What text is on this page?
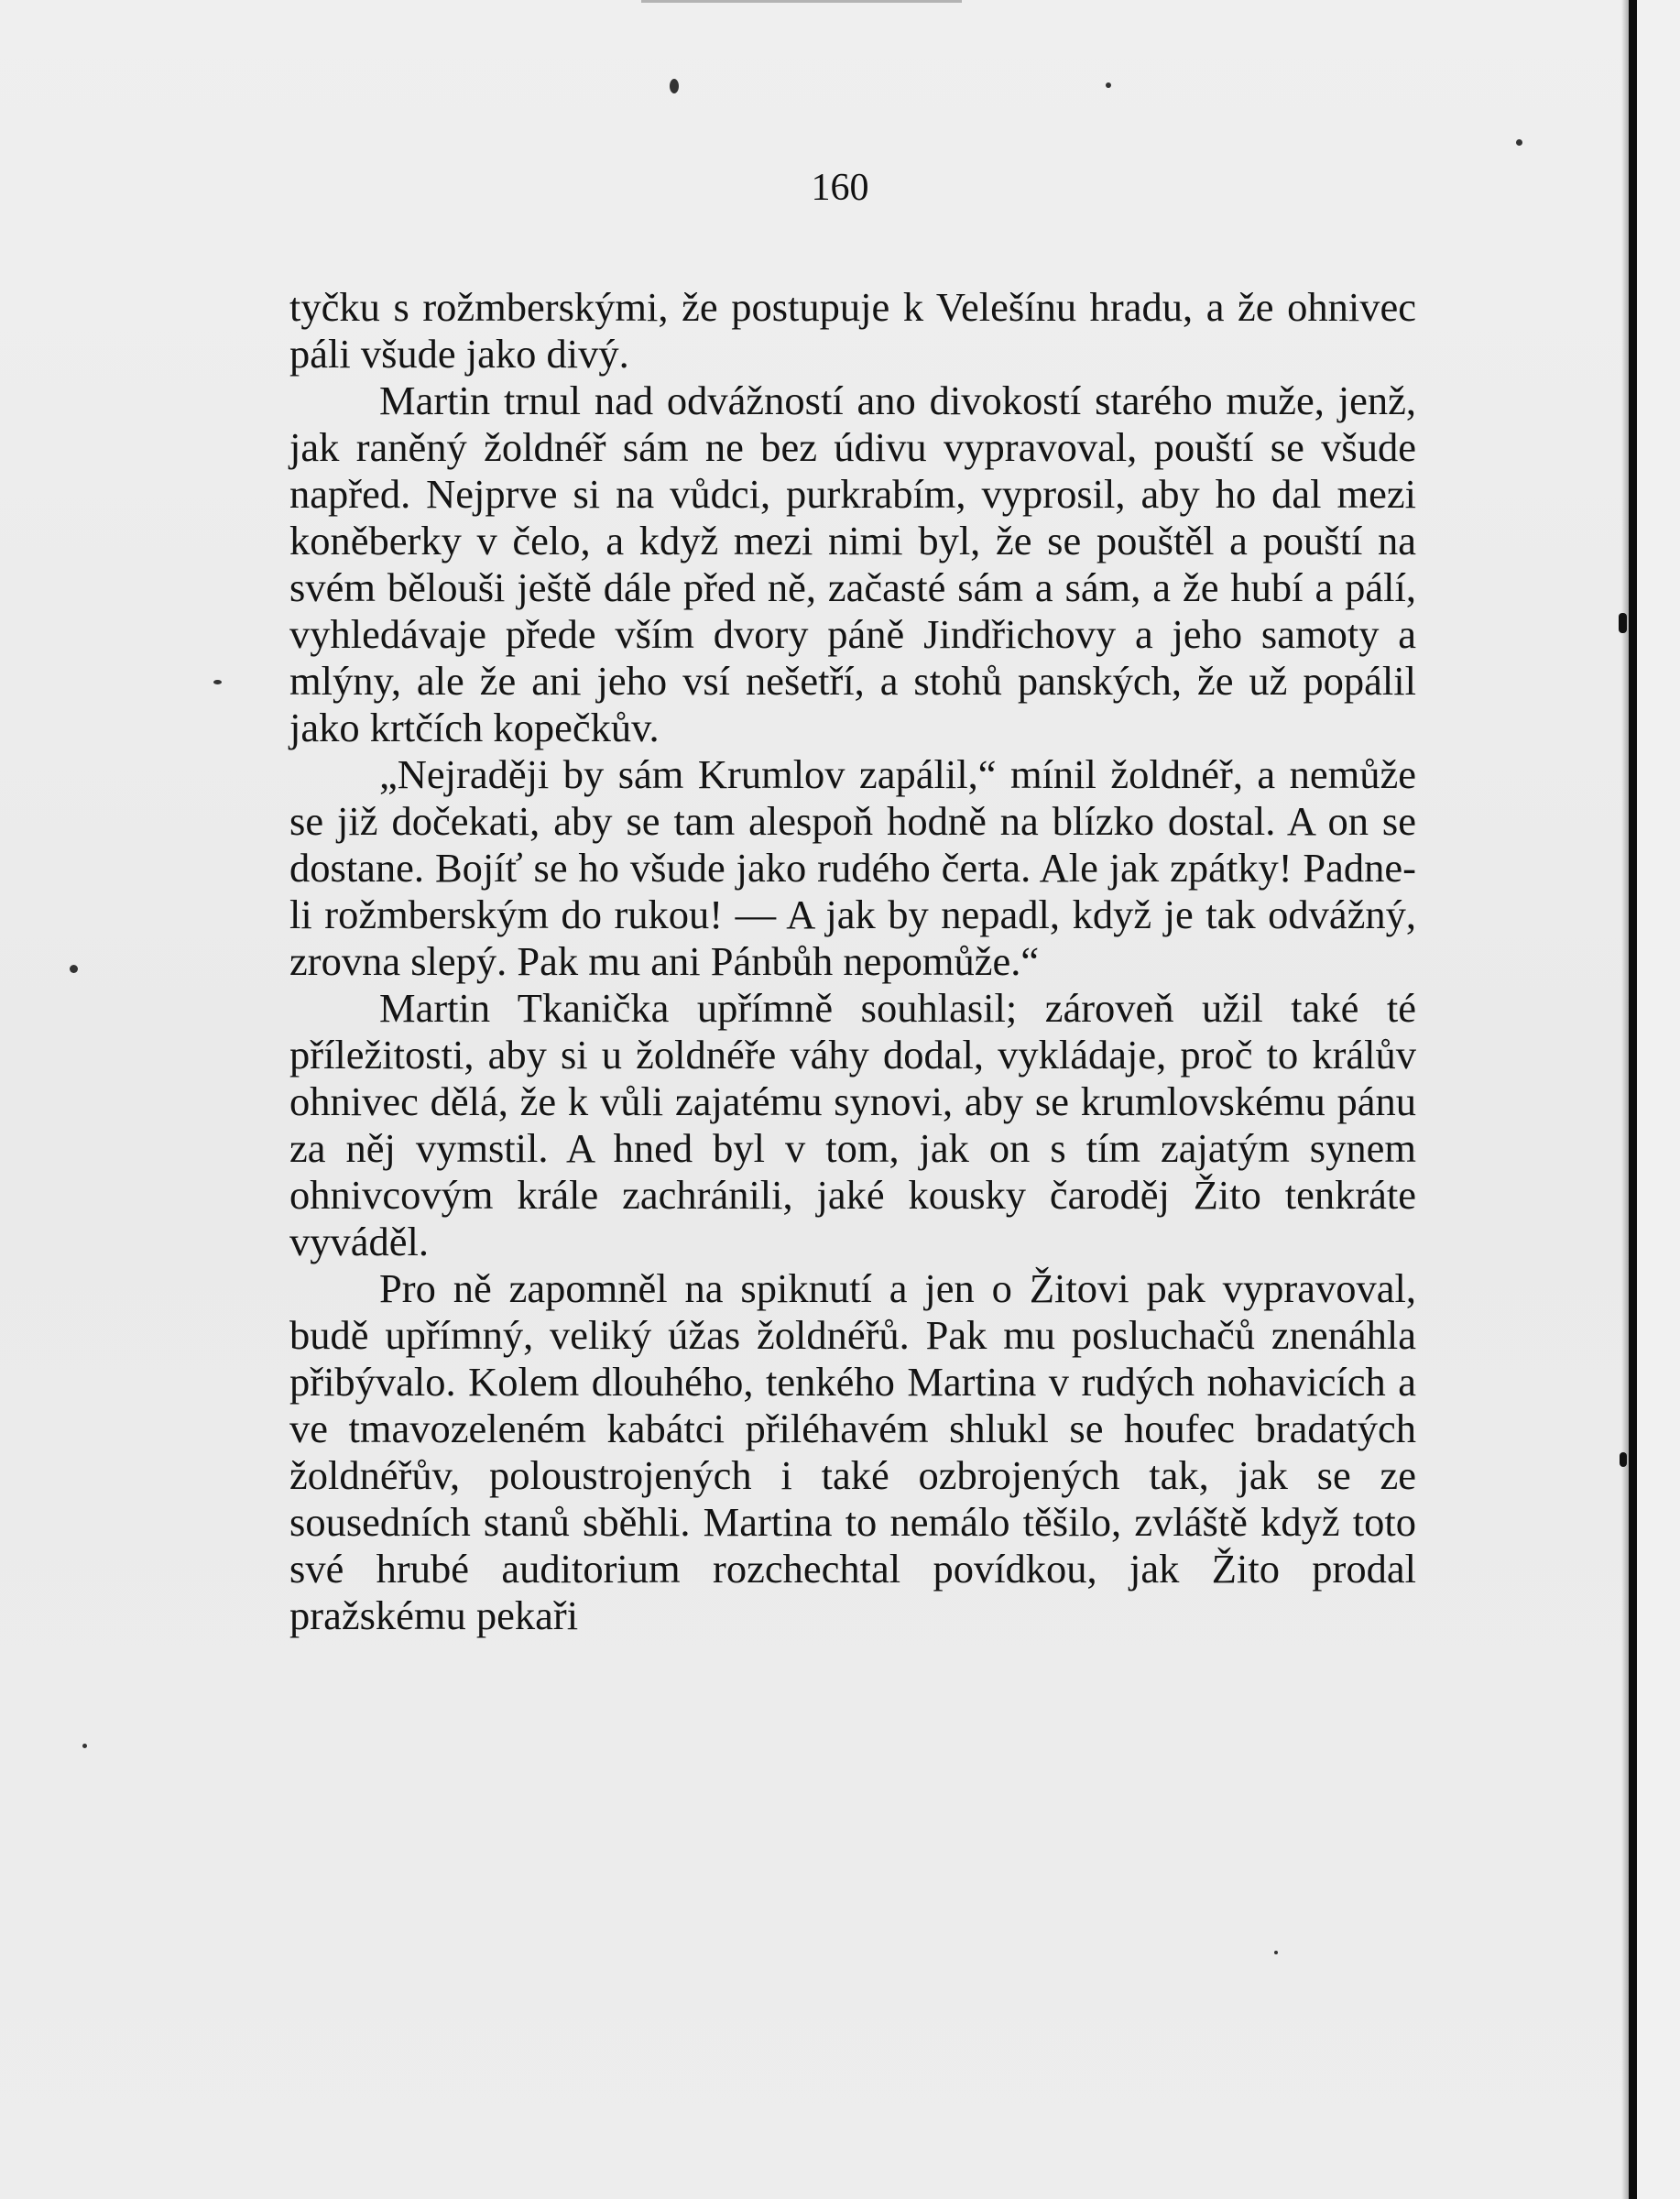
160

tyčku s rožmberskými, že postupuje k Velešínu hradu, a že ohnivec páli všude jako divý.

Martin trnul nad odvážností ano divokostí starého muže, jenž, jak raněný žoldnéř sám ne bez údivu vypravoval, pouští se všude napřed. Nejprve si na vůdci, purkrabím, vyprosil, aby ho dal mezi koněberky v čelo, a když mezi nimi byl, že se pouštěl a pouští na svém bělouši ještě dále před ně, začasté sám a sám, a že hubí a pálí, vyhledávaje přede vším dvory páně Jindřichovy a jeho samoty a mlýny, ale že ani jeho vsí nešetří, a stohů panských, že už popálil jako krtčích kopečkův.

„Nejraději by sám Krumlov zapálil,“ mínil žoldnéř, a nemůže se již dočekati, aby se tam alespoň hodně na blízko dostal. A on se dostane. Bojíť se ho všude jako rudého čerta. Ale jak zpátky! Padne-li rožmberským do rukou! — A jak by nepadl, když je tak odvážný, zrovna slepý. Pak mu ani Pánbůh nepomůže.“

Martin Tkanička upřímně souhlasil; zároveň užil také té příležitosti, aby si u žoldnéře váhy dodal, vykládaje, proč to králův ohnivec dělá, že k vůli zajatému synovi, aby se krumlovskému pánu za něj vymstil. A hned byl v tom, jak on s tím zajatým synem ohnivcovým krále zachránili, jaké kousky čaroděj Žito tenkráte vyváděl.

Pro ně zapomněl na spiknutí a jen o Žitovi pak vypravoval, budě upřímný, veliký úžas žoldnéřů. Pak mu posluchačů znenáhla přibývalo. Kolem dlouhého, tenkého Martina v rudých nohavicích a ve tmavozeleném kabátci přiléhavém shlukl se houfec bradatých žoldnéřův, poloustrojených i také ozbrojených tak, jak se ze sousedních stanů sběhli. Martina to nemálo těšilo, zvláště když toto své hrubé auditorium rozchechtal povídkou, jak Žito prodal pražskému pekaři
